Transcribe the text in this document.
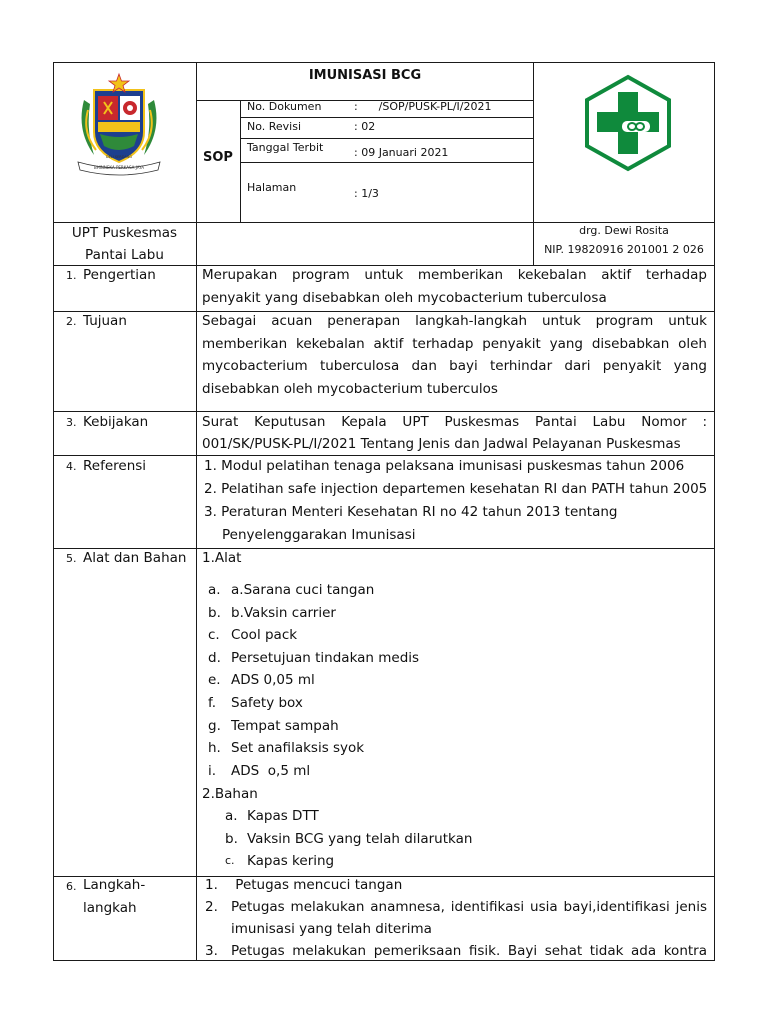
DELI SERDANG
BHINNEKA PERKASA JAYA
IMUNISASI BCG
SOP
No. Dokumen	:      /SOP/PUSK-PL/I/2021
No. Revisi	: 02
Tanggal Terbit	: 09 Januari 2021
Halaman	: 1/3
UPT Puskesmas
Pantai Labu
drg. Dewi Rosita
NIP. 19820916 201001 2 026
1. Pengertian	Merupakan program untuk memberikan kekebalan aktif terhadap penyakit yang disebabkan oleh mycobacterium tuberculosa
2. Tujuan	Sebagai acuan penerapan langkah-langkah untuk program untuk memberikan kekebalan aktif terhadap penyakit yang disebabkan oleh mycobacterium tuberculosa dan bayi terhindar dari penyakit yang disebabkan oleh mycobacterium tuberculos
3. Kebijakan	Surat Keputusan Kepala UPT Puskesmas Pantai Labu Nomor :
001/SK/PUSK-PL/I/2021 Tentang Jenis dan Jadwal Pelayanan Puskesmas
4. Referensi	1. Modul pelatihan tenaga pelaksana imunisasi puskesmas tahun 2006
2. Pelatihan safe injection departemen kesehatan RI dan PATH tahun 2005
3. Peraturan Menteri Kesehatan RI no 42 tahun 2013 tentang
Penyelenggarakan Imunisasi
5. Alat dan Bahan 1.Alat
a. a.Sarana cuci tangan
b. b.Vaksin carrier
c. Cool pack
d. Persetujuan tindakan medis
e. ADS 0,05 ml
f. Safety box
g. Tempat sampah
h. Set anafilaksis syok
i. ADS  o,5 ml
2.Bahan
a. Kapas DTT
b. Vaksin BCG yang telah dilarutkan
c. Kapas kering
6. Langkah-
langkah
1. Petugas mencuci tangan
2. Petugas melakukan anamnesa, identifikasi usia bayi,identifikasi jenis
imunisasi yang telah diterima
3. Petugas melakukan pemeriksaan fisik. Bayi sehat tidak ada kontra
